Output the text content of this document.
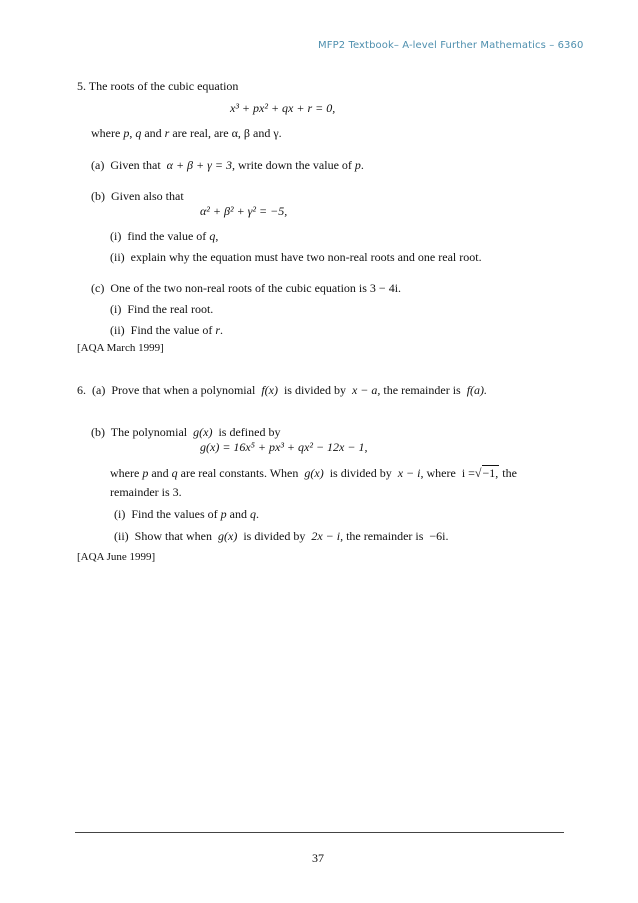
MFP2 Textbook– A-level Further Mathematics – 6360
5. The roots of the cubic equation
x³ + px² + qx + r = 0,
where p, q and r are real, are α, β and γ.
(a) Given that α + β + γ = 3, write down the value of p.
(b) Given also that
α² + β² + γ² = −5,
(i) find the value of q,
(ii) explain why the equation must have two non-real roots and one real root.
(c) One of the two non-real roots of the cubic equation is 3 − 4i.
(i) Find the real root.
(ii) Find the value of r.
[AQA March 1999]
6. (a) Prove that when a polynomial f(x) is divided by x − a, the remainder is f(a).
(b) The polynomial g(x) is defined by
g(x) = 16x⁵ + px³ + qx² − 12x − 1,
where p and q are real constants. When g(x) is divided by x − i, where i =√−1, the
remainder is 3.
(i) Find the values of p and q.
(ii) Show that when g(x) is divided by 2x − i, the remainder is −6i.
[AQA June 1999]
37
